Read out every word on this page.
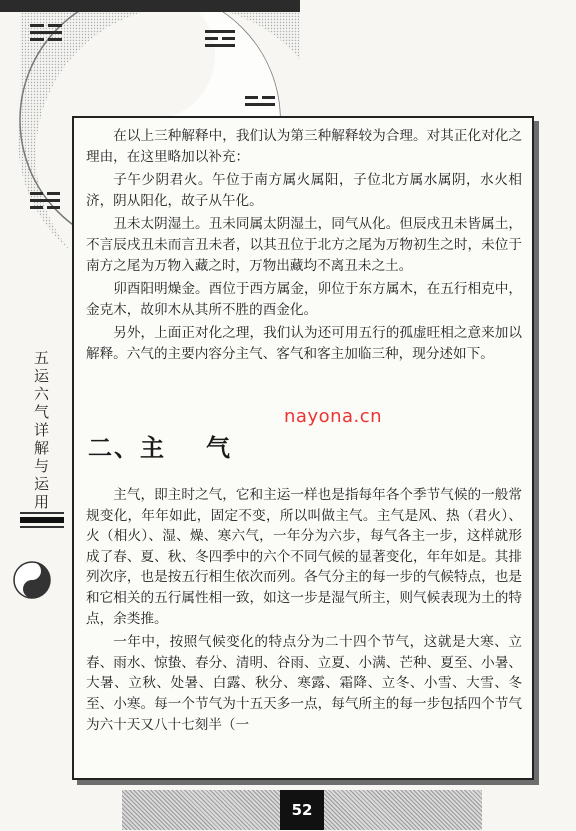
五运六气详解与运用

在以上三种解释中，我们认为第三种解释较为合理。对其正化对化之理由，在这里略加以补充：

子午少阴君火。午位于南方属火属阳，子位北方属水属阴，水火相济，阴从阳化，故子从午化。

丑未太阴湿土。丑未同属太阴湿土，同气从化。但辰戌丑未皆属土，不言辰戌丑未而言丑未者，以其丑位于北方之尾为万物初生之时，未位于南方之尾为万物入藏之时，万物出藏均不离丑未之土。

卯酉阳明燥金。酉位于西方属金，卯位于东方属木，在五行相克中，金克木，故卯木从其所不胜的酉金化。

另外，上面正对化之理，我们认为还可用五行的孤虚旺相之意来加以解释。六气的主要内容分主气、客气和客主加临三种，现分述如下。

nayona.cn
二、主 气

主气，即主时之气，它和主运一样也是指每年各个季节气候的一般常规变化，年年如此，固定不变，所以叫做主气。主气是风、热（君火）、火（相火）、湿、燥、寒六气，一年分为六步，每气各主一步，这样就形成了春、夏、秋、冬四季中的六个不同气候的显著变化，年年如是。其排列次序，也是按五行相生依次而列。各气分主的每一步的气候特点，也是和它相关的五行属性相一致，如这一步是湿气所主，则气候表现为土的特点，余类推。

一年中，按照气候变化的特点分为二十四个节气，这就是大寒、立春、雨水、惊蛰、春分、清明、谷雨、立夏、小满、芒种、夏至、小暑、大暑、立秋、处暑、白露、秋分、寒露、霜降、立冬、小雪、大雪、冬至、小寒。每一个节气为十五天多一点，每气所主的每一步包括四个节气为六十天又八十七刻半（一

52
